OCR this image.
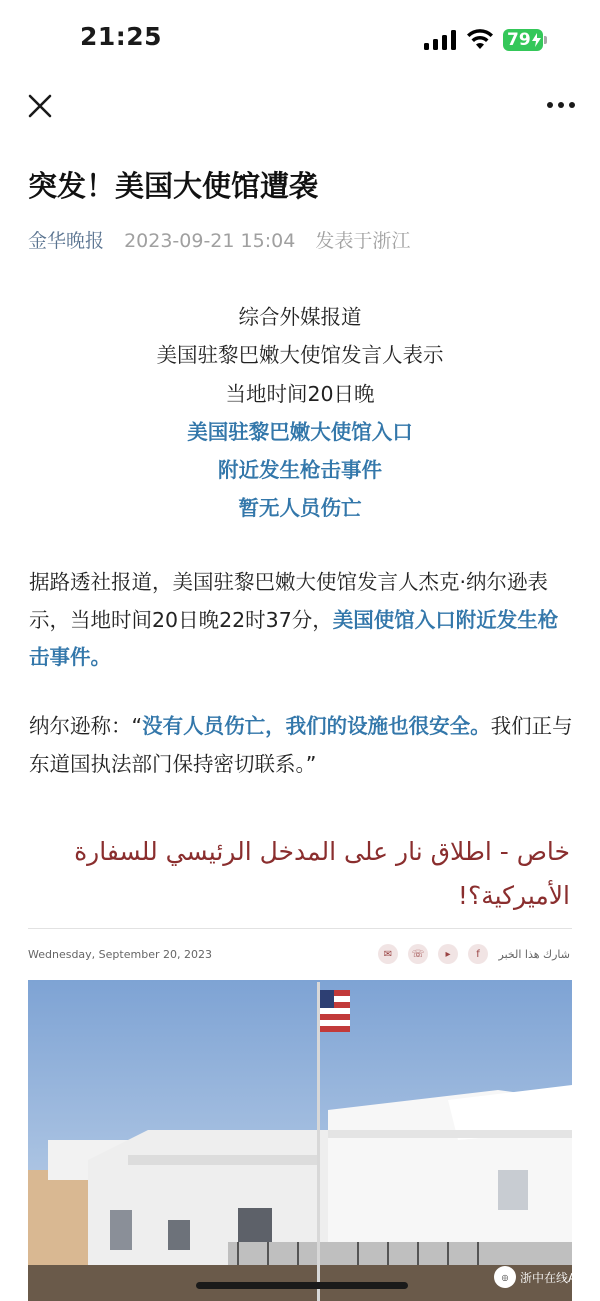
21:25	79
突发！美国大使馆遭袭
金华晚报 2023-09-21 15:04 发表于浙江
综合外媒报道
美国驻黎巴嫩大使馆发言人表示
当地时间20日晚
美国驻黎巴嫩大使馆入口
附近发生枪击事件
暂无人员伤亡
据路透社报道，美国驻黎巴嫩大使馆发言人杰克·纳尔逊表示，当地时间20日晚22时37分，美国使馆入口附近发生枪击事件。
纳尔逊称：“没有人员伤亡，我们的设施也很安全。我们正与东道国执法部门保持密切联系。”
خاص - اطلاق نار على المدخل الرئيسي للسفارة الأميركية؟!
Wednesday, September 20, 2023	✉	☏	▸	f	شارك هذا الخبر
◎ 浙中在线APP
